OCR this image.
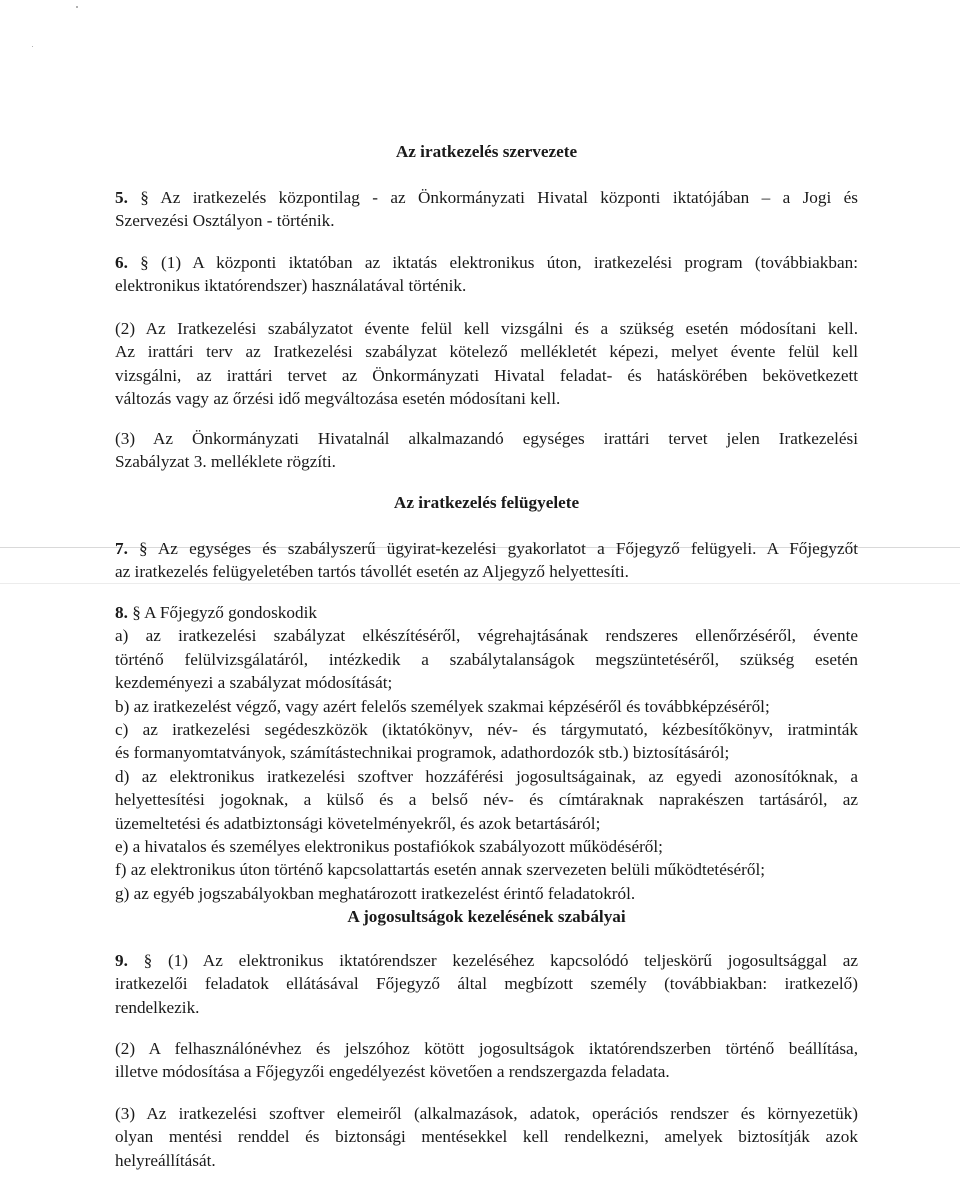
Az iratkezelés szervezete
5. § Az iratkezelés központilag - az Önkormányzati Hivatal központi iktatójában – a Jogi és
Szervezési Osztályon - történik.
6. § (1) A központi iktatóban az iktatás elektronikus úton, iratkezelési program (továbbiakban:
elektronikus iktatórendszer) használatával történik.
(2) Az Iratkezelési szabályzatot évente felül kell vizsgálni és a szükség esetén módosítani kell.
Az irattári terv az Iratkezelési szabályzat kötelező mellékletét képezi, melyet évente felül kell
vizsgálni, az irattári tervet az Önkormányzati Hivatal feladat- és hatáskörében bekövetkezett
változás vagy az őrzési idő megváltozása esetén módosítani kell.
(3) Az Önkormányzati Hivatalnál alkalmazandó egységes irattári tervet jelen Iratkezelési
Szabályzat 3. melléklete rögzíti.
Az iratkezelés felügyelete
7. § Az egységes és szabályszerű ügyirat-kezelési gyakorlatot a Főjegyző felügyeli. A Főjegyzőt
az iratkezelés felügyeletében tartós távollét esetén az Aljegyző helyettesíti.
8. § A Főjegyző gondoskodik
a) az iratkezelési szabályzat elkészítéséről, végrehajtásának rendszeres ellenőrzéséről, évente
történő felülvizsgálatáról, intézkedik a szabálytalanságok megszüntetéséről, szükség esetén
kezdeményezi a szabályzat módosítását;
b) az iratkezelést végző, vagy azért felelős személyek szakmai képzéséről és továbbképzéséről;
c) az iratkezelési segédeszközök (iktatókönyv, név- és tárgymutató, kézbesítőkönyv, iratminták
és formanyomtatványok, számítástechnikai programok, adathordozók stb.) biztosításáról;
d) az elektronikus iratkezelési szoftver hozzáférési jogosultságainak, az egyedi azonosítóknak, a
helyettesítési jogoknak, a külső és a belső név- és címtáraknak naprakészen tartásáról, az
üzemeltetési és adatbiztonsági követelményekről, és azok betartásáról;
e) a hivatalos és személyes elektronikus postafiókok szabályozott működéséről;
f) az elektronikus úton történő kapcsolattartás esetén annak szervezeten belüli működtetéséről;
g) az egyéb jogszabályokban meghatározott iratkezelést érintő feladatokról.
A jogosultságok kezelésének szabályai
9. § (1) Az elektronikus iktatórendszer kezeléséhez kapcsolódó teljeskörű jogosultsággal az
iratkezelői feladatok ellátásával Főjegyző által megbízott személy (továbbiakban: iratkezelő)
rendelkezik.
(2) A felhasználónévhez és jelszóhoz kötött jogosultságok iktatórendszerben történő beállítása,
illetve módosítása a Főjegyzői engedélyezést követően a rendszergazda feladata.
(3) Az iratkezelési szoftver elemeiről (alkalmazások, adatok, operációs rendszer és környezetük)
olyan mentési renddel és biztonsági mentésekkel kell rendelkezni, amelyek biztosítják azok
helyreállítását.
